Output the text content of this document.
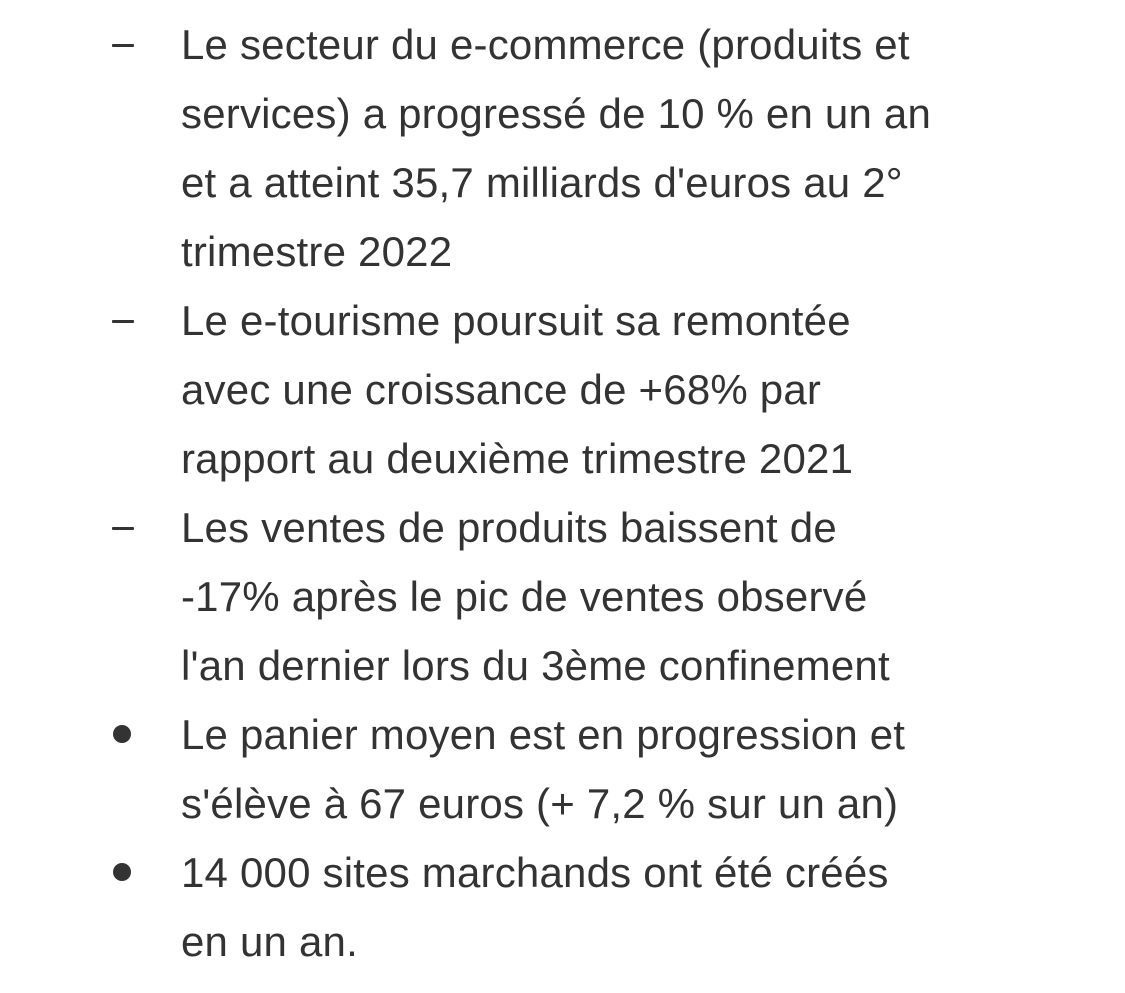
Le secteur du e-commerce (produits et
services) a progressé de 10 % en un an
et a atteint 35,7 milliards d'euros au 2°
trimestre 2022
Le e-tourisme poursuit sa remontée
avec une croissance de +68% par
rapport au deuxième trimestre 2021
Les ventes de produits baissent de
-17% après le pic de ventes observé
l'an dernier lors du 3ème confinement
Le panier moyen est en progression et
s'élève à 67 euros (+ 7,2 % sur un an)
14 000 sites marchands ont été créés
en un an.
